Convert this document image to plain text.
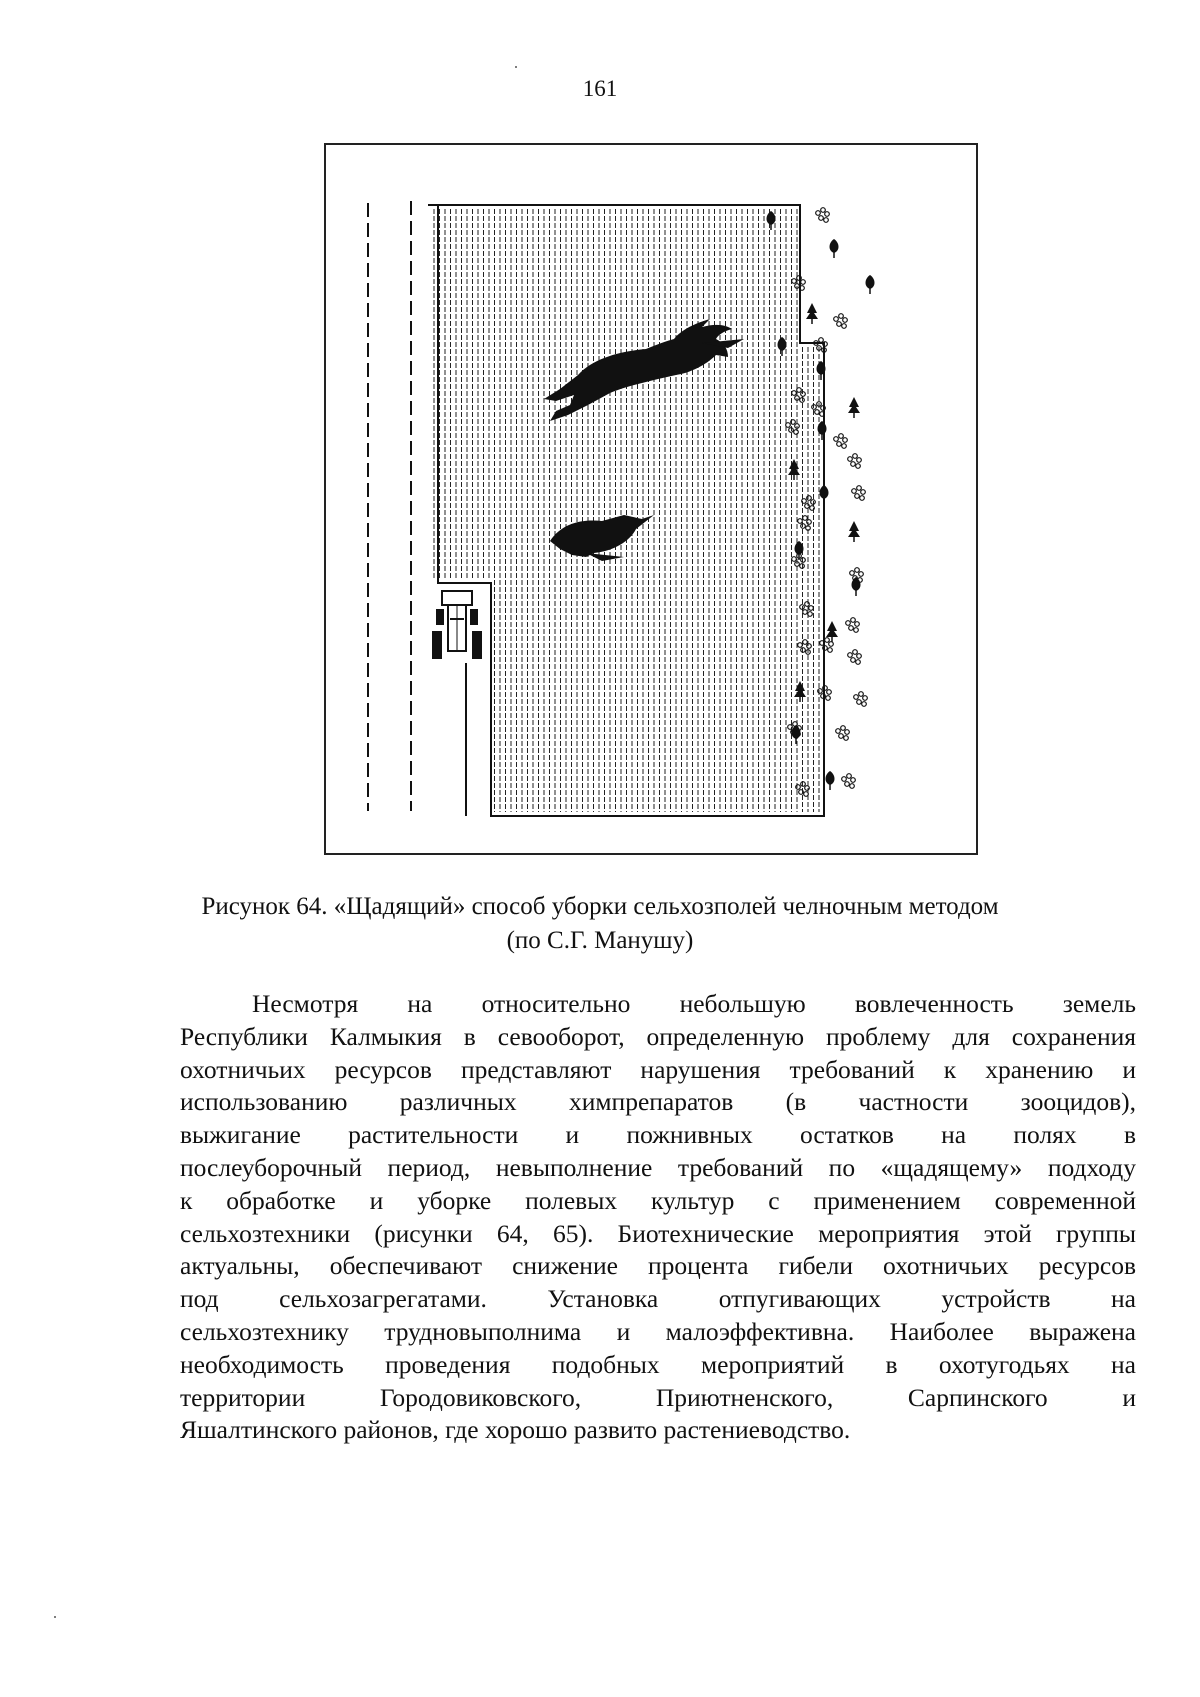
161
Рисунок 64. «Щадящий» способ уборки сельхозполей челночным методом
(по С.Г. Манушу)
Несмотря на относительно небольшую вовлеченность земель
Республики Калмыкия в севооборот, определенную проблему для сохранения
охотничьих ресурсов представляют нарушения требований к хранению и
использованию различных химпрепаратов (в частности зооцидов),
выжигание растительности и пожнивных остатков на полях в
послеуборочный период, невыполнение требований по «щадящему» подходу
к обработке и уборке полевых культур с применением современной
сельхозтехники (рисунки 64, 65). Биотехнические мероприятия этой группы
актуальны, обеспечивают снижение процента гибели охотничьих ресурсов
под сельхозагрегатами. Установка отпугивающих устройств на
сельхозтехнику трудновыполнима и малоэффективна. Наиболее выражена
необходимость проведения подобных мероприятий в охотугодьях на
территории Городовиковского, Приютненского, Сарпинского и
Яшалтинского районов, где хорошо развито растениеводство.
